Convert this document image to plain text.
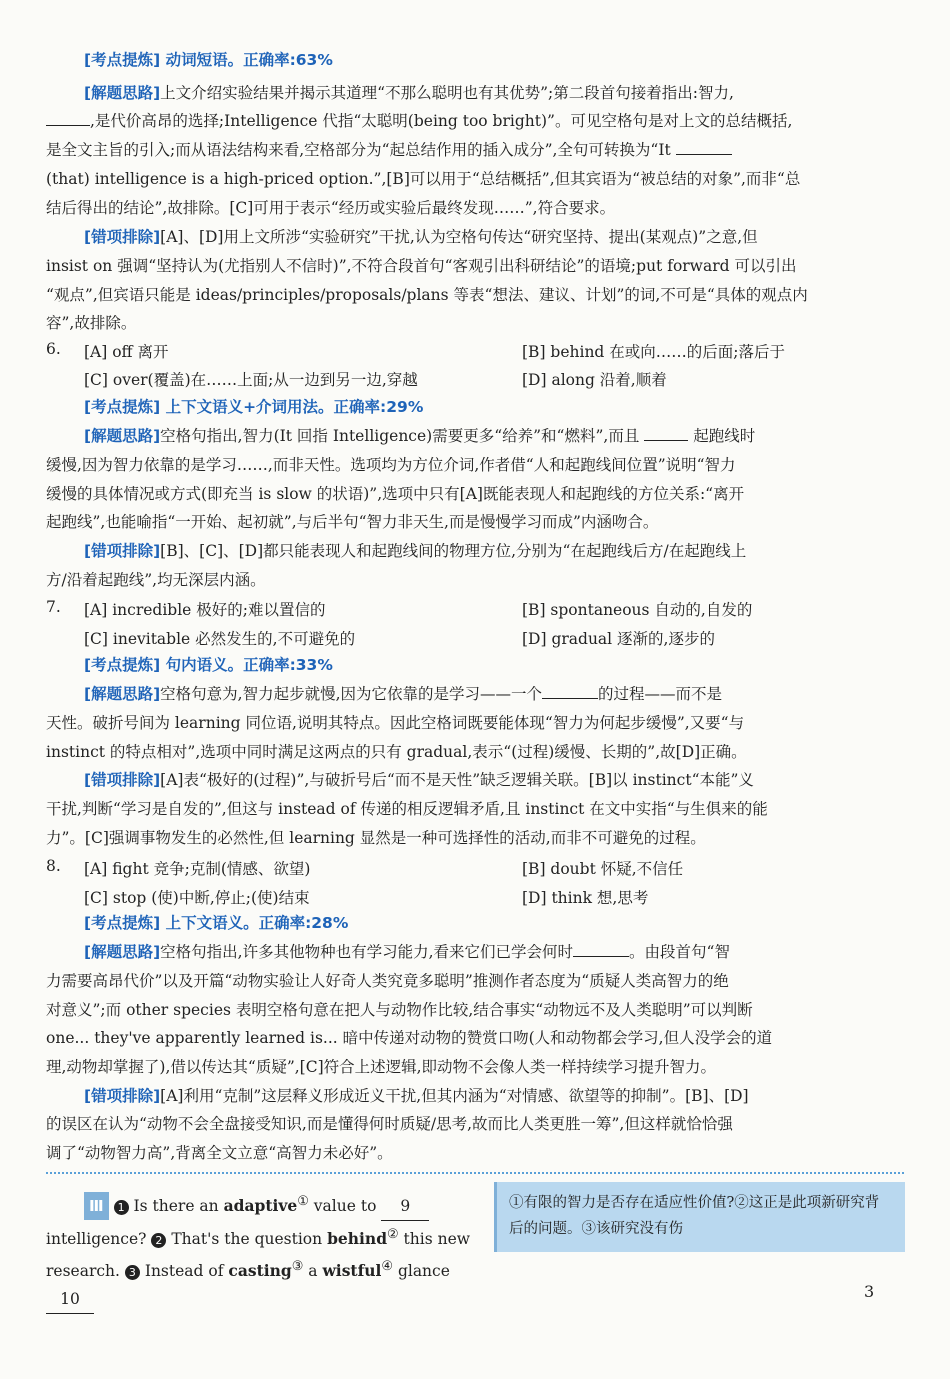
[考点提炼] 动词短语。正确率:63%
[解题思路]上文介绍实验结果并揭示其道理“不那么聪明也有其优势”;第二段首句接着指出:智力,
,是代价高昂的选择;Intelligence 代指“太聪明(being too bright)”。可见空格句是对上文的总结概括,
是全文主旨的引入;而从语法结构来看,空格部分为“起总结作用的插入成分”,全句可转换为“It
(that) intelligence is a high-priced option.”,[B]可以用于“总结概括”,但其宾语为“被总结的对象”,而非“总
结后得出的结论”,故排除。[C]可用于表示“经历或实验后最终发现……”,符合要求。
[错项排除][A]、[D]用上文所涉“实验研究”干扰,认为空格句传达“研究坚持、提出(某观点)”之意,但
insist on 强调“坚持认为(尤指别人不信时)”,不符合段首句“客观引出科研结论”的语境;put forward 可以引出
“观点”,但宾语只能是 ideas/principles/proposals/plans 等表“想法、建议、计划”的词,不可是“具体的观点内
容”,故排除。
6. [A] off 离开	[B] behind 在或向……的后面;落后于
[C] over(覆盖)在……上面;从一边到另一边,穿越	[D] along 沿着,顺着
[考点提炼] 上下文语义+介词用法。正确率:29%
[解题思路]空格句指出,智力(It 回指 Intelligence)需要更多“给养”和“燃料”,而且	起跑线时
缓慢,因为智力依靠的是学习……,而非天性。选项均为方位介词,作者借“人和起跑线间位置”说明“智力
缓慢的具体情况或方式(即充当 is slow 的状语)”,选项中只有[A]既能表现人和起跑线的方位关系:“离开
起跑线”,也能喻指“一开始、起初就”,与后半句“智力非天生,而是慢慢学习而成”内涵吻合。
[错项排除][B]、[C]、[D]都只能表现人和起跑线间的物理方位,分别为“在起跑线后方/在起跑线上
方/沿着起跑线”,均无深层内涵。
7. [A] incredible 极好的;难以置信的	[B] spontaneous 自动的,自发的
[C] inevitable 必然发生的,不可避免的	[D] gradual 逐渐的,逐步的
[考点提炼] 句内语义。正确率:33%
[解题思路]空格句意为,智力起步就慢,因为它依靠的是学习——一个	的过程——而不是
天性。破折号间为 learning 同位语,说明其特点。因此空格词既要能体现“智力为何起步缓慢”,又要“与
instinct 的特点相对”,选项中同时满足这两点的只有 gradual,表示“(过程)缓慢、长期的”,故[D]正确。
[错项排除][A]表“极好的(过程)”,与破折号后“而不是天性”缺乏逻辑关联。[B]以 instinct“本能”义
干扰,判断“学习是自发的”,但这与 instead of 传递的相反逻辑矛盾,且 instinct 在文中实指“与生俱来的能
力”。[C]强调事物发生的必然性,但 learning 显然是一种可选择性的活动,而非不可避免的过程。
8. [A] fight 竞争;克制(情感、欲望)	[B] doubt 怀疑,不信任
[C] stop (使)中断,停止;(使)结束	[D] think 想,思考
[考点提炼] 上下文语义。正确率:28%
[解题思路]空格句指出,许多其他物种也有学习能力,看来它们已学会何时	。由段首句“智
力需要高昂代价”以及开篇“动物实验让人好奇人类究竟多聪明”推测作者态度为“质疑人类高智力的绝
对意义”;而 other species 表明空格句意在把人与动物作比较,结合事实“动物远不及人类聪明”可以判断
one... they've apparently learned is... 暗中传递对动物的赞赏口吻(人和动物都会学习,但人没学会的道
理,动物却掌握了),借以传达其“质疑”,[C]符合上述逻辑,即动物不会像人类一样持续学习提升智力。
[错项排除][A]利用“克制”这层释义形成近义干扰,但其内涵为“对情感、欲望等的抑制”。[B]、[D]
的误区在认为“动物不会全盘接受知识,而是懂得何时质疑/思考,故而比人类更胜一筹”,但这样就恰恰强
调了“动物智力高”,背离全文立意“高智力未必好”。
Ⅲ 1 Is there an adaptive① value to 9
intelligence? 2 That's the question behind② this new
research. 3 Instead of casting③ a wistful④ glance 10

①有限的智力是否存在适应性价值?②这正是此项新研究背后的问题。③该研究没有伤

3
